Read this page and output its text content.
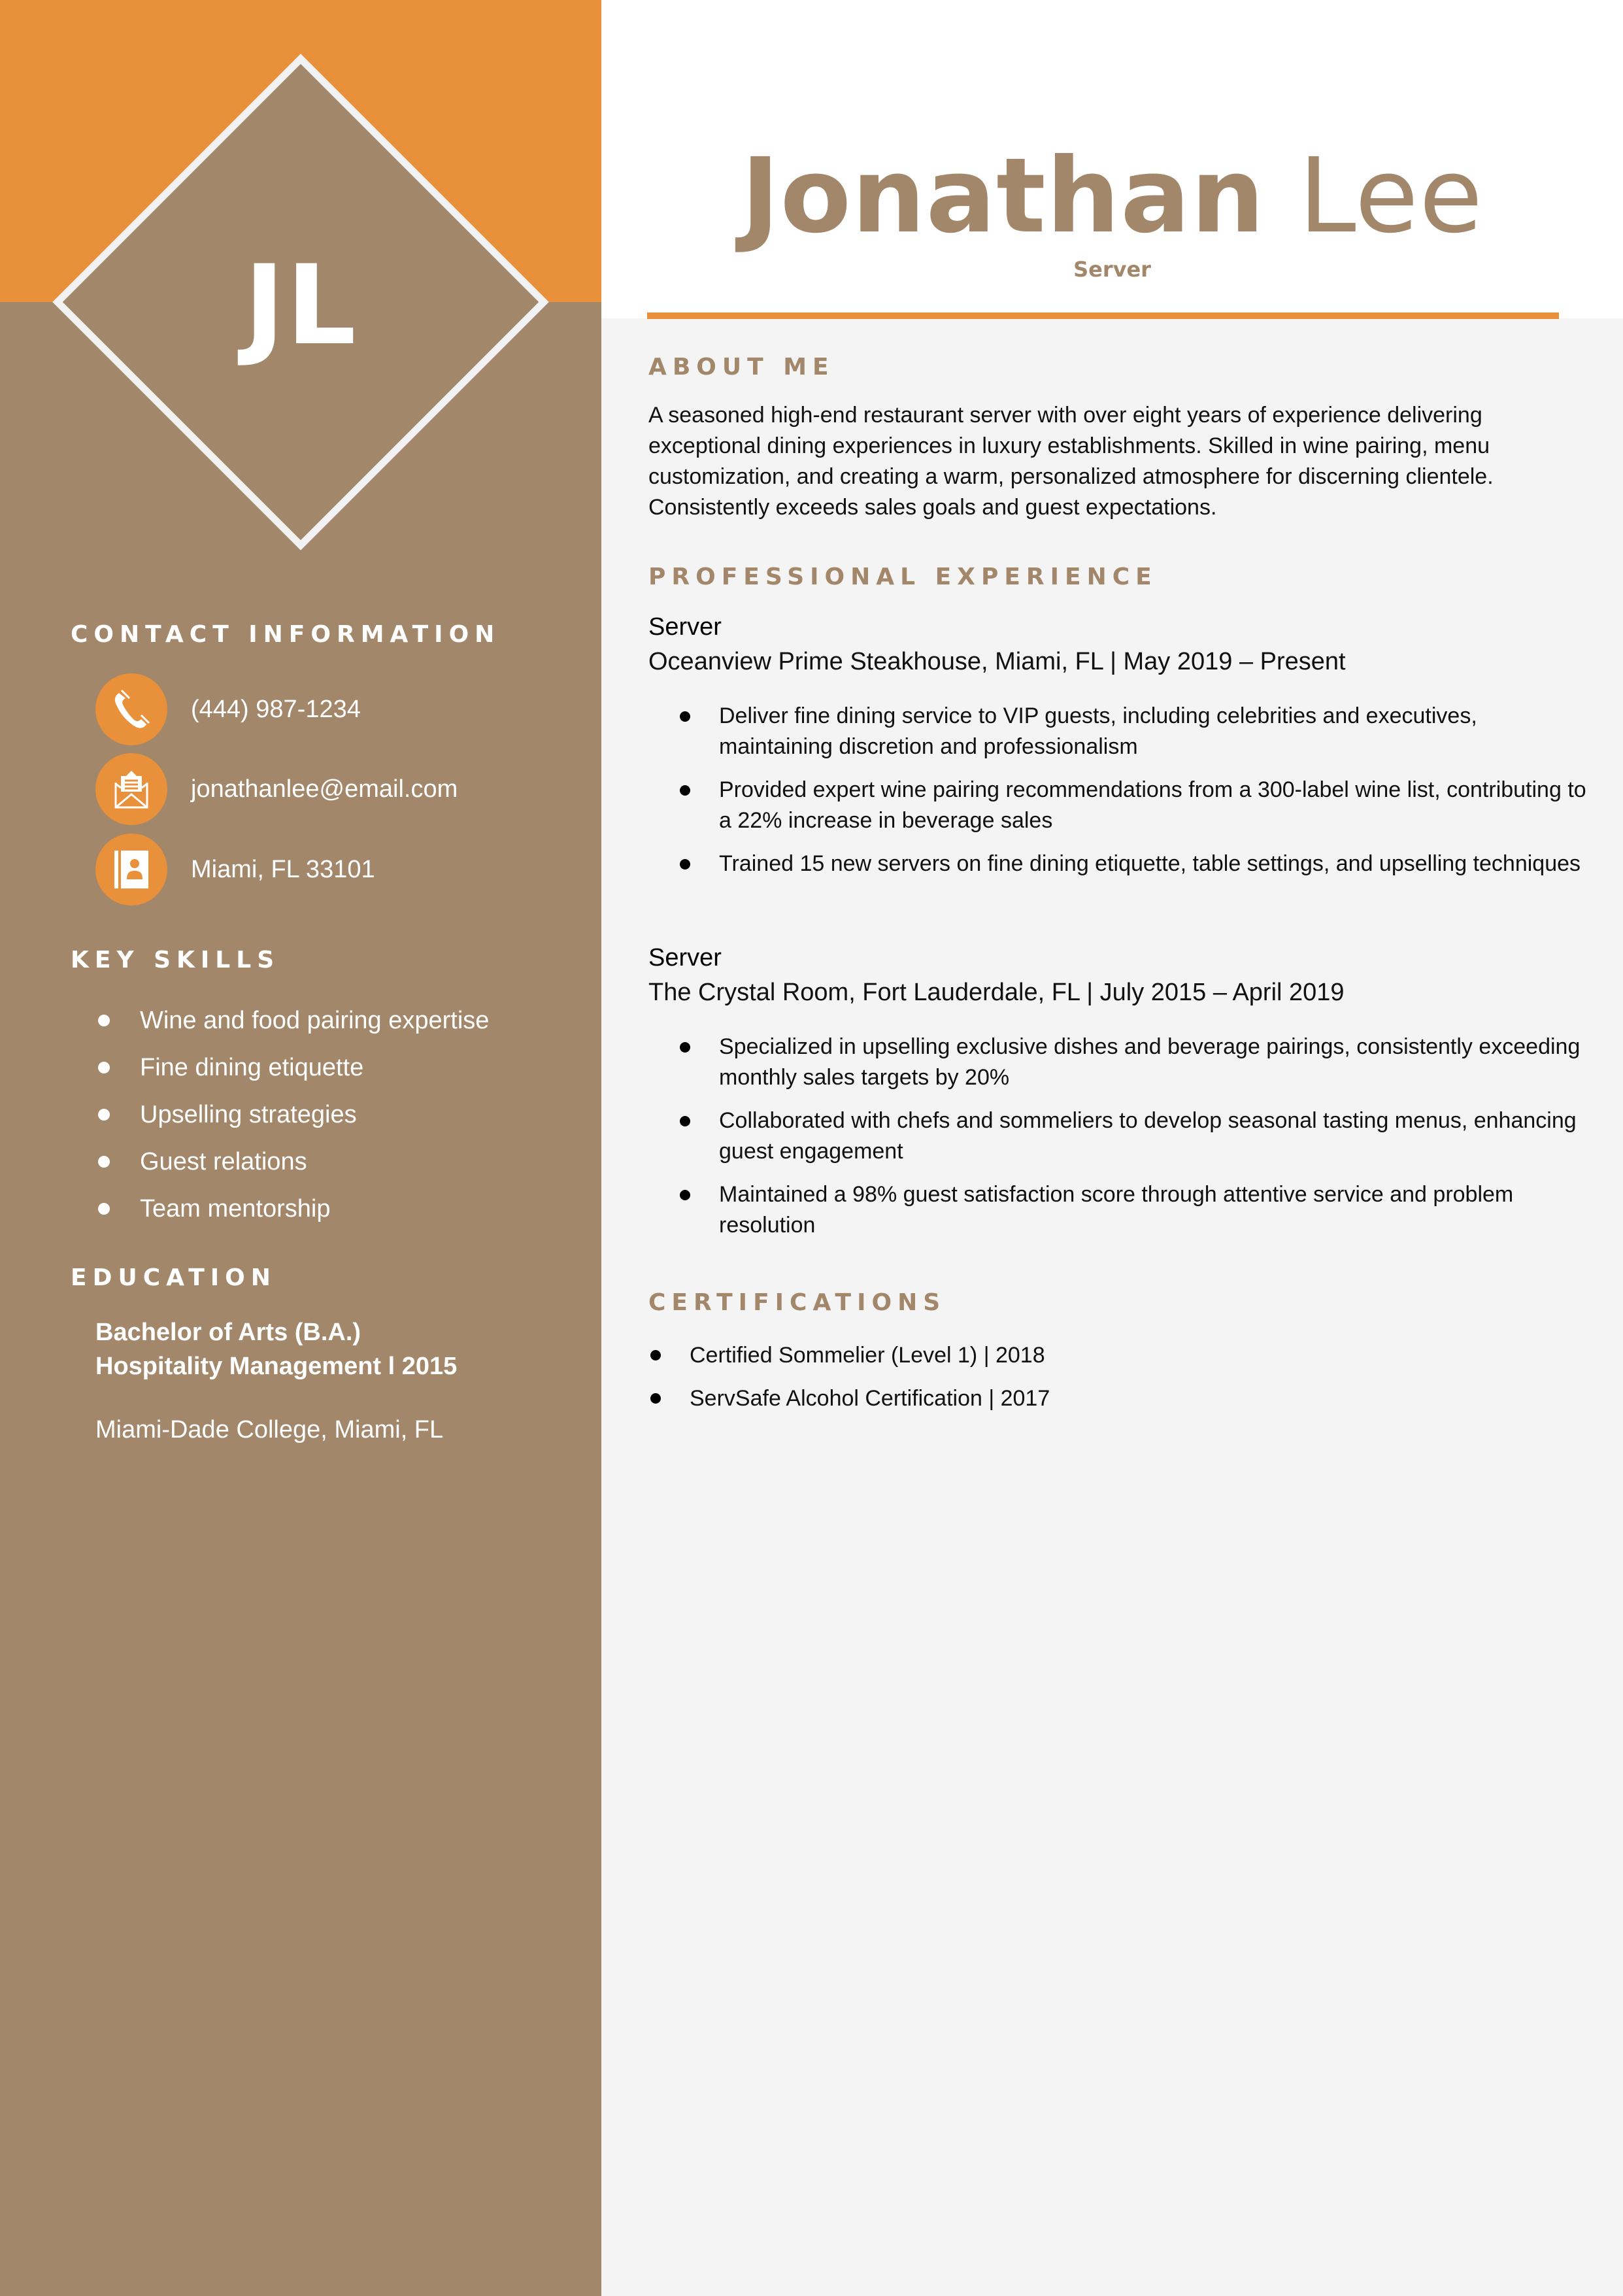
JL
CONTACT INFORMATION
(444) 987-1234
jonathanlee@email.com
Miami, FL 33101
KEY SKILLS
Wine and food pairing expertise
Fine dining etiquette
Upselling strategies
Guest relations
Team mentorship
EDUCATION
Bachelor of Arts (B.A.)
Hospitality Management l 2015
Miami-Dade College, Miami, FL
Jonathan Lee
Server
ABOUT ME
A seasoned high-end restaurant server with over eight years of experience delivering exceptional dining experiences in luxury establishments. Skilled in wine pairing, menu customization, and creating a warm, personalized atmosphere for discerning clientele. Consistently exceeds sales goals and guest expectations.
PROFESSIONAL EXPERIENCE
Server
Oceanview Prime Steakhouse, Miami, FL | May 2019 – Present
Deliver fine dining service to VIP guests, including celebrities and executives, maintaining discretion and professionalism
Provided expert wine pairing recommendations from a 300-label wine list, contributing to a 22% increase in beverage sales
Trained 15 new servers on fine dining etiquette, table settings, and upselling techniques
Server
The Crystal Room, Fort Lauderdale, FL | July 2015 – April 2019
Specialized in upselling exclusive dishes and beverage pairings, consistently exceeding monthly sales targets by 20%
Collaborated with chefs and sommeliers to develop seasonal tasting menus, enhancing guest engagement
Maintained a 98% guest satisfaction score through attentive service and problem resolution
CERTIFICATIONS
Certified Sommelier (Level 1) | 2018
ServSafe Alcohol Certification | 2017
